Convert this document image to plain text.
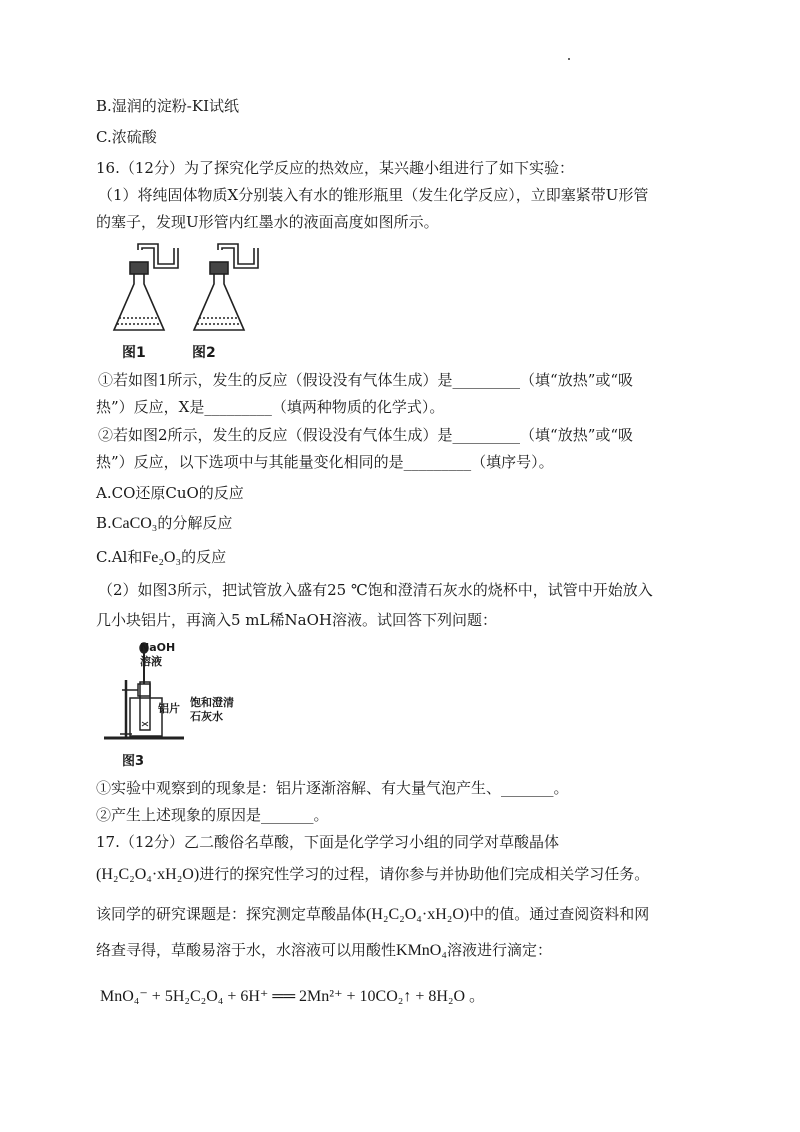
B.湿润的淀粉-KI试纸
C.浓硫酸
16.（12分）为了探究化学反应的热效应，某兴趣小组进行了如下实验：
（1）将纯固体物质X分别装入有水的锥形瓶里（发生化学反应），立即塞紧带U形管
的塞子，发现U形管内红墨水的液面高度如图所示。
图1	图2
①若如图1所示，发生的反应（假设没有气体生成）是_________（填“放热”或“吸
热”）反应，X是_________（填两种物质的化学式）。
②若如图2所示，发生的反应（假设没有气体生成）是_________（填“放热”或“吸
热”）反应，以下选项中与其能量变化相同的是_________（填序号）。
A.CO还原CuO的反应
B.CaCO₃的分解反应
C.Al和Fe₂O₃的反应
（2）如图3所示，把试管放入盛有25 ℃饱和澄清石灰水的烧杯中，试管中开始放入
几小块铝片，再滴入5 mL稀NaOH溶液。试回答下列问题：
NaOH
溶液
铝片 饱和澄清
石灰水
图3
①实验中观察到的现象是：铝片逐渐溶解、有大量气泡产生、_______。
②产生上述现象的原因是_______。
17.（12分）乙二酸俗名草酸，下面是化学学习小组的同学对草酸晶体
(H₂C₂O₄·xH₂O)进行的探究性学习的过程，请你参与并协助他们完成相关学习任务。
该同学的研究课题是：探究测定草酸晶体(H₂C₂O₄·xH₂O)中的值。通过查阅资料和网
络查寻得，草酸易溶于水，水溶液可以用酸性KMnO₄溶液进行滴定：
MnO₄⁻ + 5H₂C₂O₄ + 6H⁺ ══ 2Mn²⁺ + 10CO₂↑ + 8H₂O 。
